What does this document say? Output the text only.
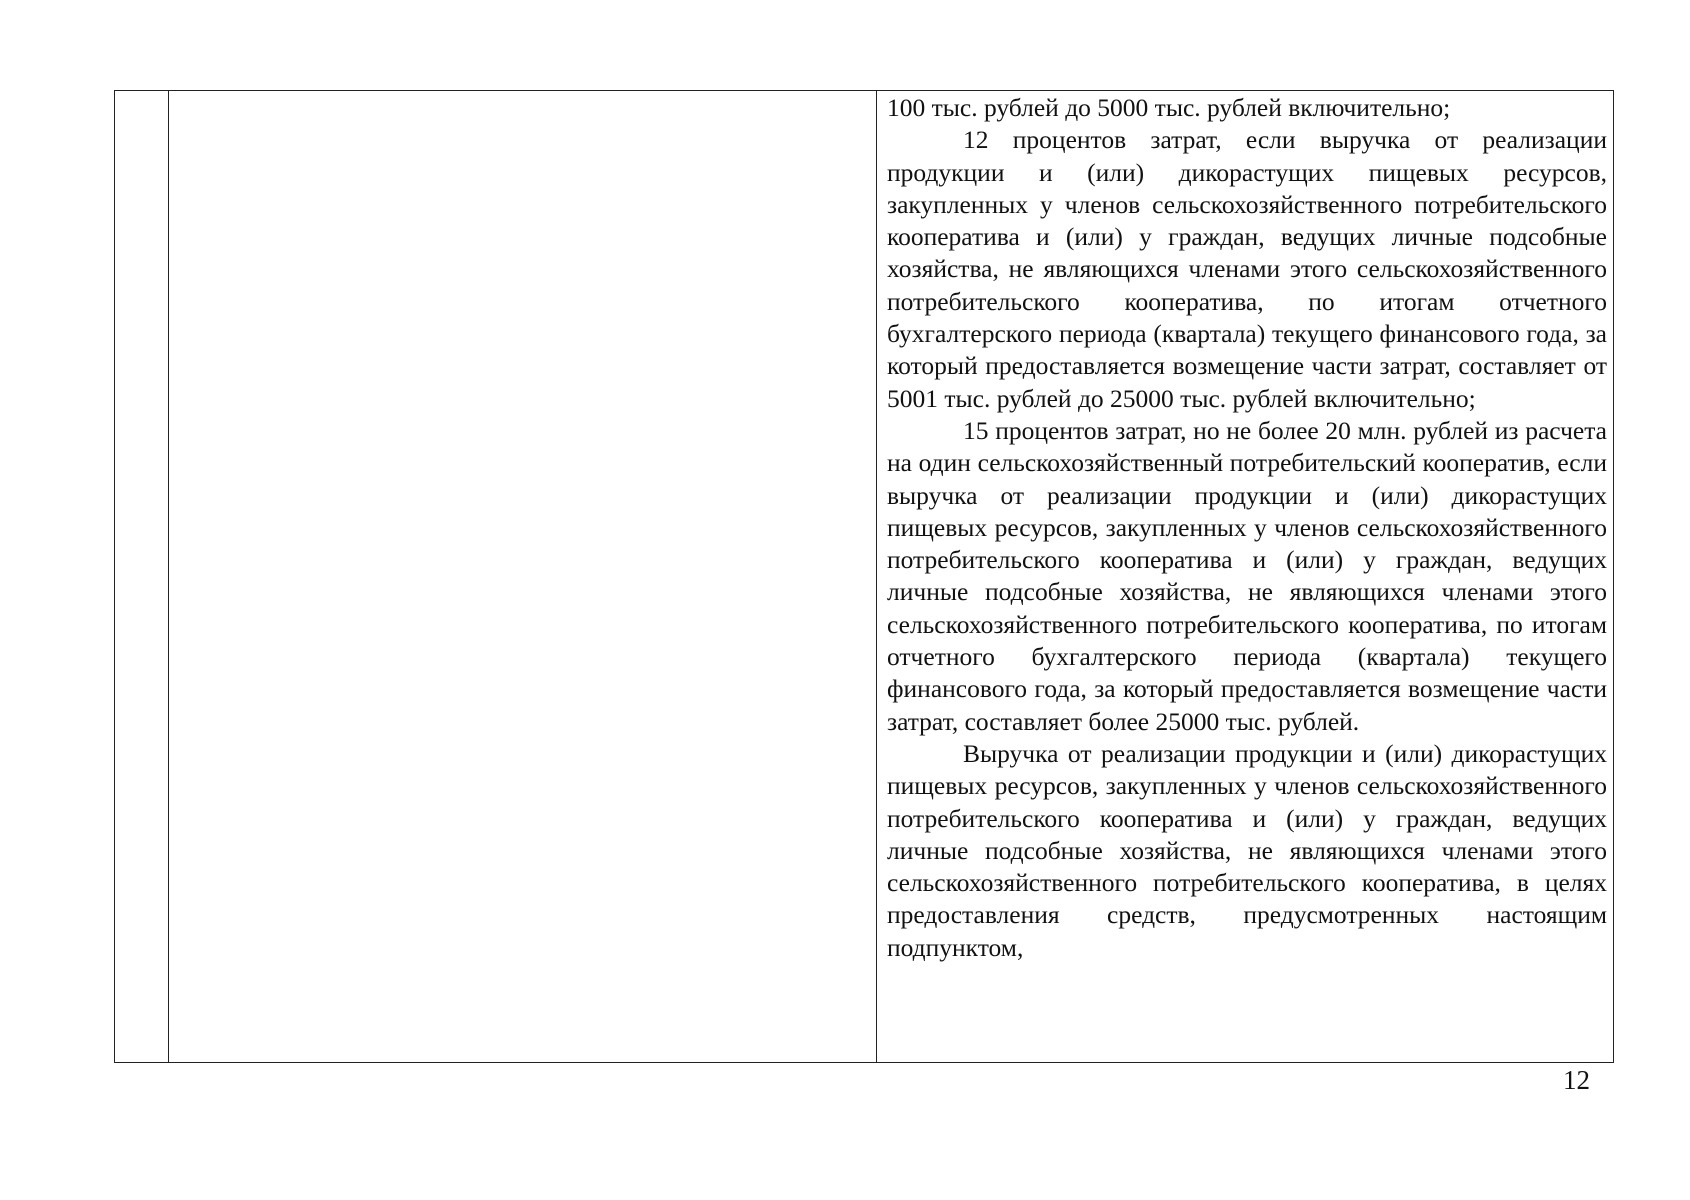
100 тыс. рублей до 5000 тыс. рублей включительно;

12 процентов затрат, если выручка от реализации продукции и (или) дикорастущих пищевых ресурсов, закупленных у членов сельскохозяйственного потребительского кооператива и (или) у граждан, ведущих личные подсобные хозяйства, не являющихся членами этого сельскохозяйственного потребительского кооператива, по итогам отчетного бухгалтерского периода (квартала) текущего финансового года, за который предоставляется возмещение части затрат, составляет от 5001 тыс. рублей до 25000 тыс. рублей включительно;

15 процентов затрат, но не более 20 млн. рублей из расчета на один сельскохозяйственный потребительский кооператив, если выручка от реализации продукции и (или) дикорастущих пищевых ресурсов, закупленных у членов сельскохозяйственного потребительского кооператива и (или) у граждан, ведущих личные подсобные хозяйства, не являющихся членами этого сельскохозяйственного потребительского кооператива, по итогам отчетного бухгалтерского периода (квартала) текущего финансового года, за который предоставляется возмещение части затрат, составляет более 25000 тыс. рублей.

Выручка от реализации продукции и (или) дикорастущих пищевых ресурсов, закупленных у членов сельскохозяйственного потребительского кооператива и (или) у граждан, ведущих личные подсобные хозяйства, не являющихся членами этого сельскохозяйственного потребительского кооператива, в целях предоставления средств, предусмотренных настоящим подпунктом,

12
